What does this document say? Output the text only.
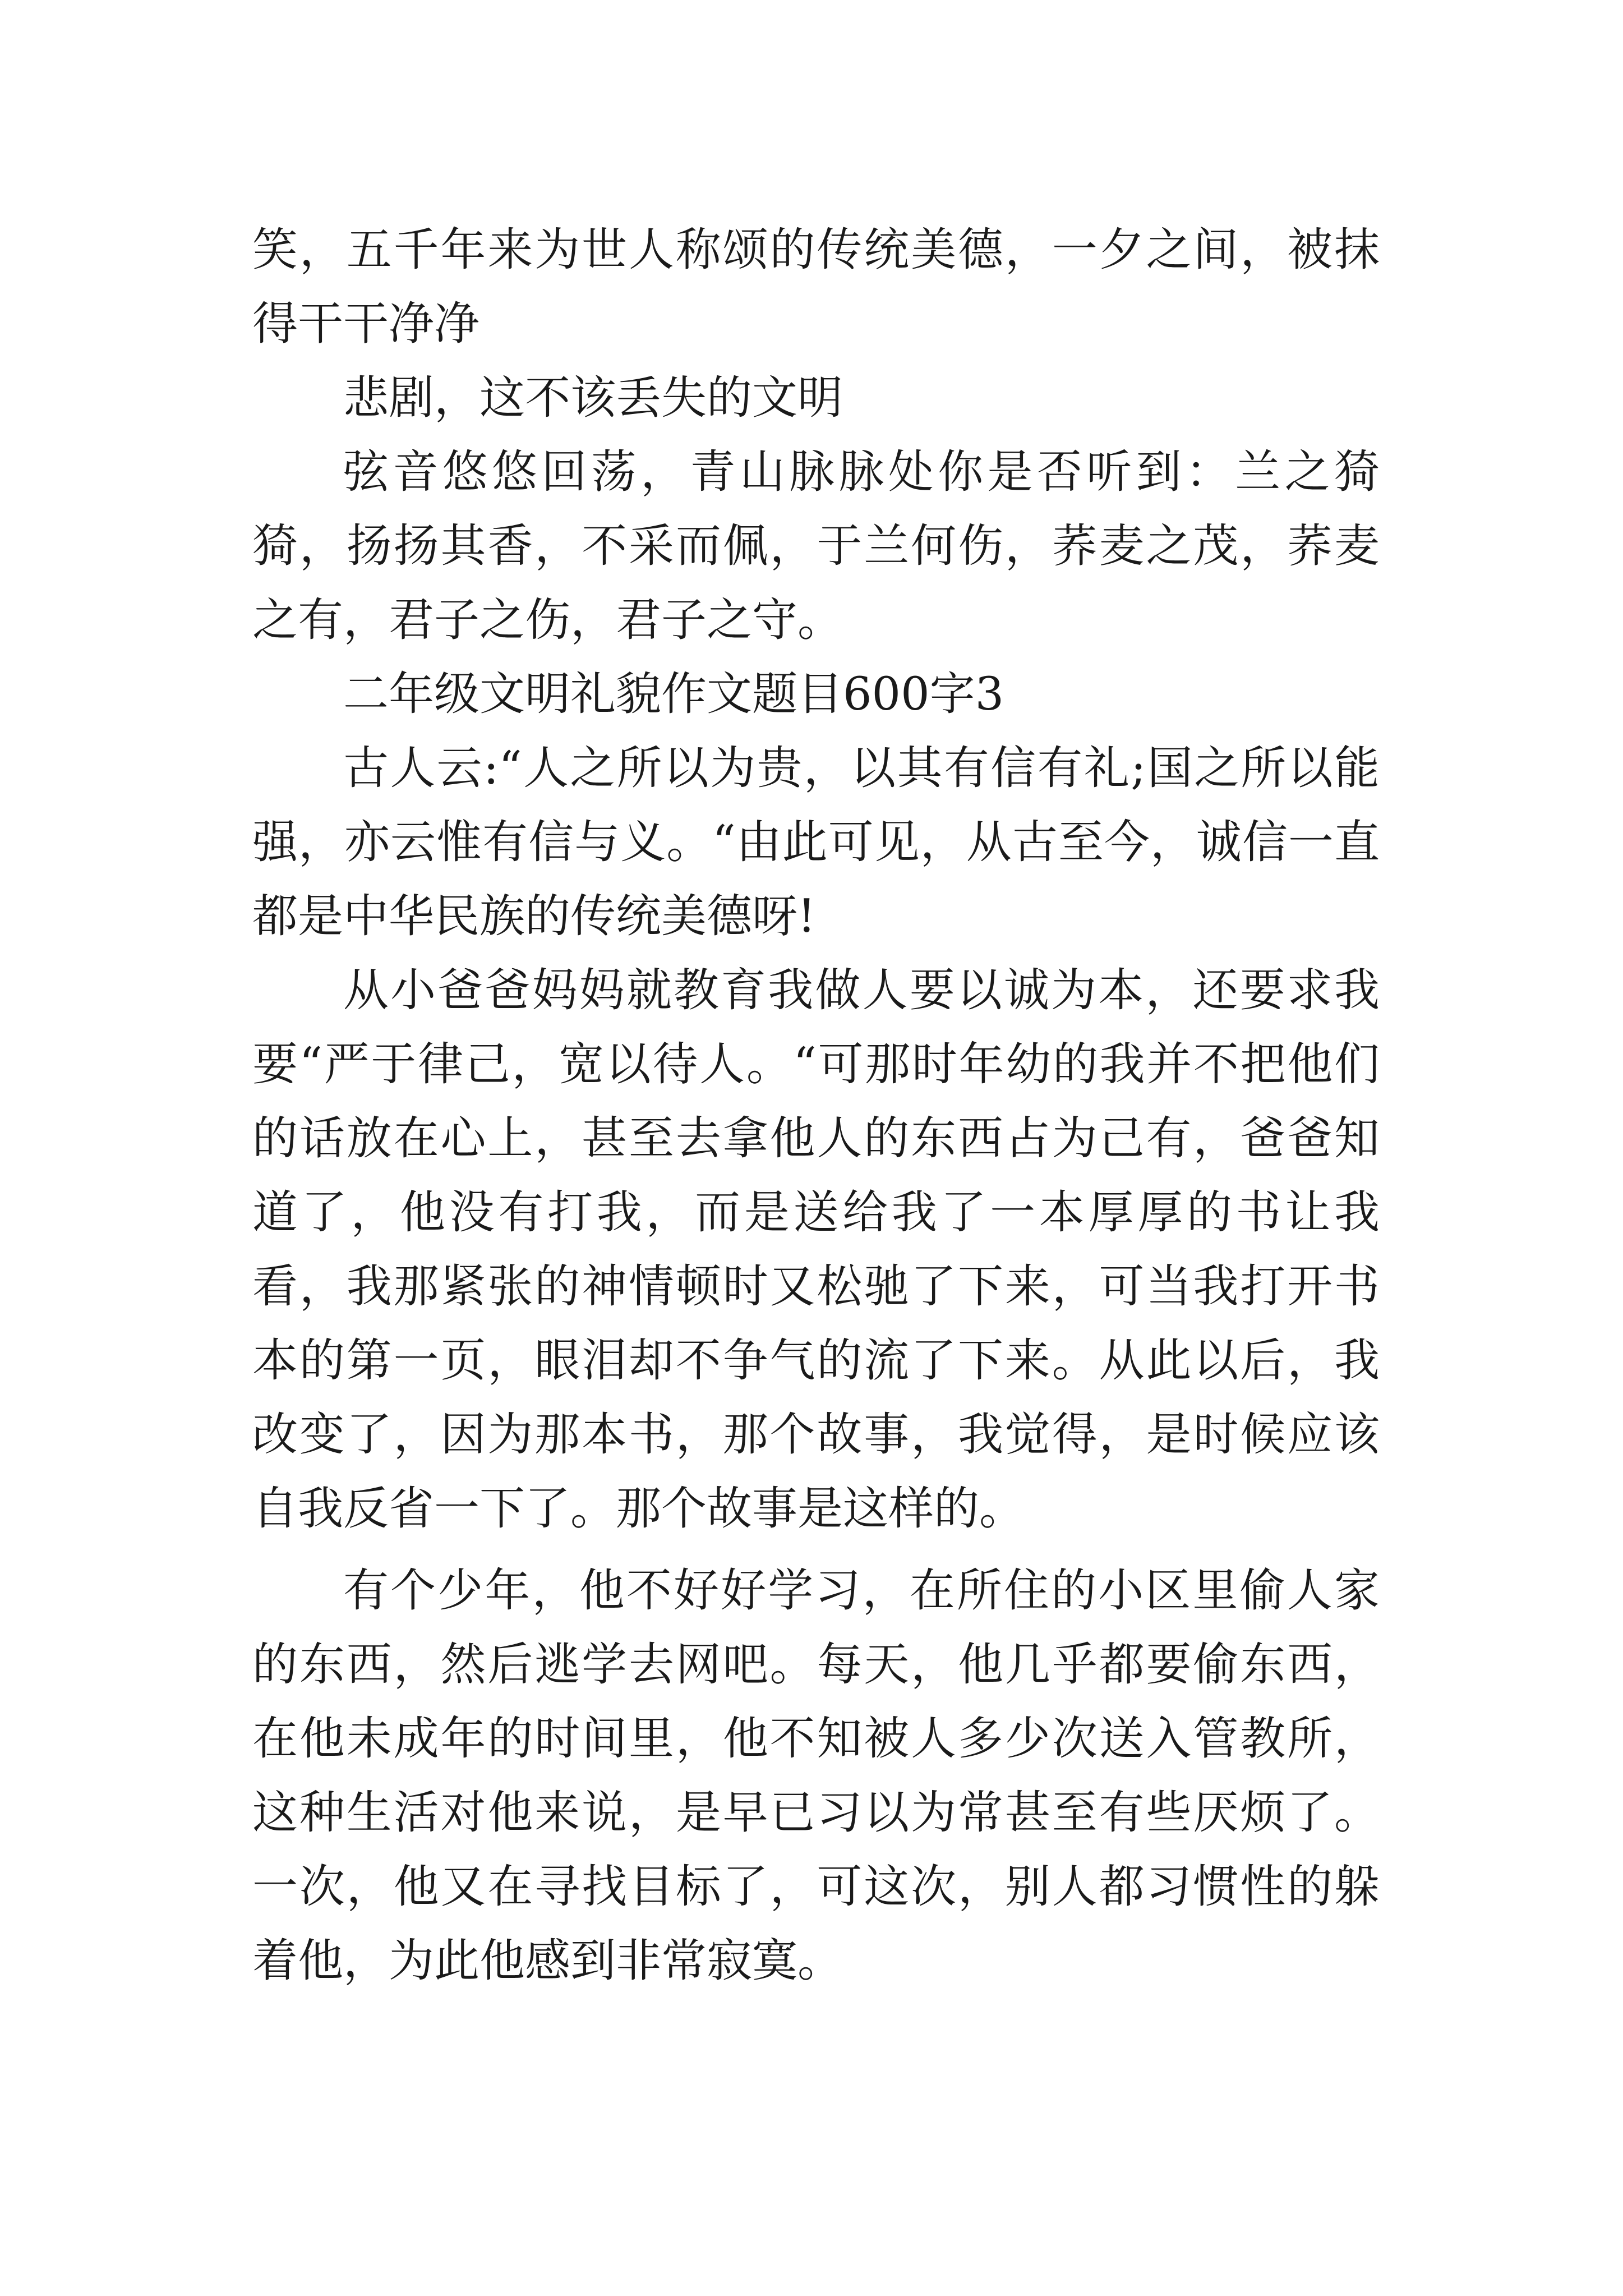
笑，五千年来为世人称颂的传统美德，一夕之间，被抹得干干净净

悲剧，这不该丢失的文明

弦音悠悠回荡，青山脉脉处你是否听到：兰之猗猗，扬扬其香，不采而佩，于兰何伤，荞麦之茂，荞麦之有，君子之伤，君子之守。

二年级文明礼貌作文题目600字3

古人云:“人之所以为贵，以其有信有礼;国之所以能强，亦云惟有信与义。“由此可见，从古至今，诚信一直都是中华民族的传统美德呀!

从小爸爸妈妈就教育我做人要以诚为本，还要求我要“严于律己，宽以待人。“可那时年幼的我并不把他们的话放在心上，甚至去拿他人的东西占为己有，爸爸知道了，他没有打我，而是送给我了一本厚厚的书让我看，我那紧张的神情顿时又松驰了下来，可当我打开书本的第一页，眼泪却不争气的流了下来。从此以后，我改变了，因为那本书，那个故事，我觉得，是时候应该自我反省一下了。那个故事是这样的。

有个少年，他不好好学习，在所住的小区里偷人家的东西，然后逃学去网吧。每天，他几乎都要偷东西，在他未成年的时间里，他不知被人多少次送入管教所，这种生活对他来说，是早已习以为常甚至有些厌烦了。一次，他又在寻找目标了，可这次，别人都习惯性的躲着他，为此他感到非常寂寞。
